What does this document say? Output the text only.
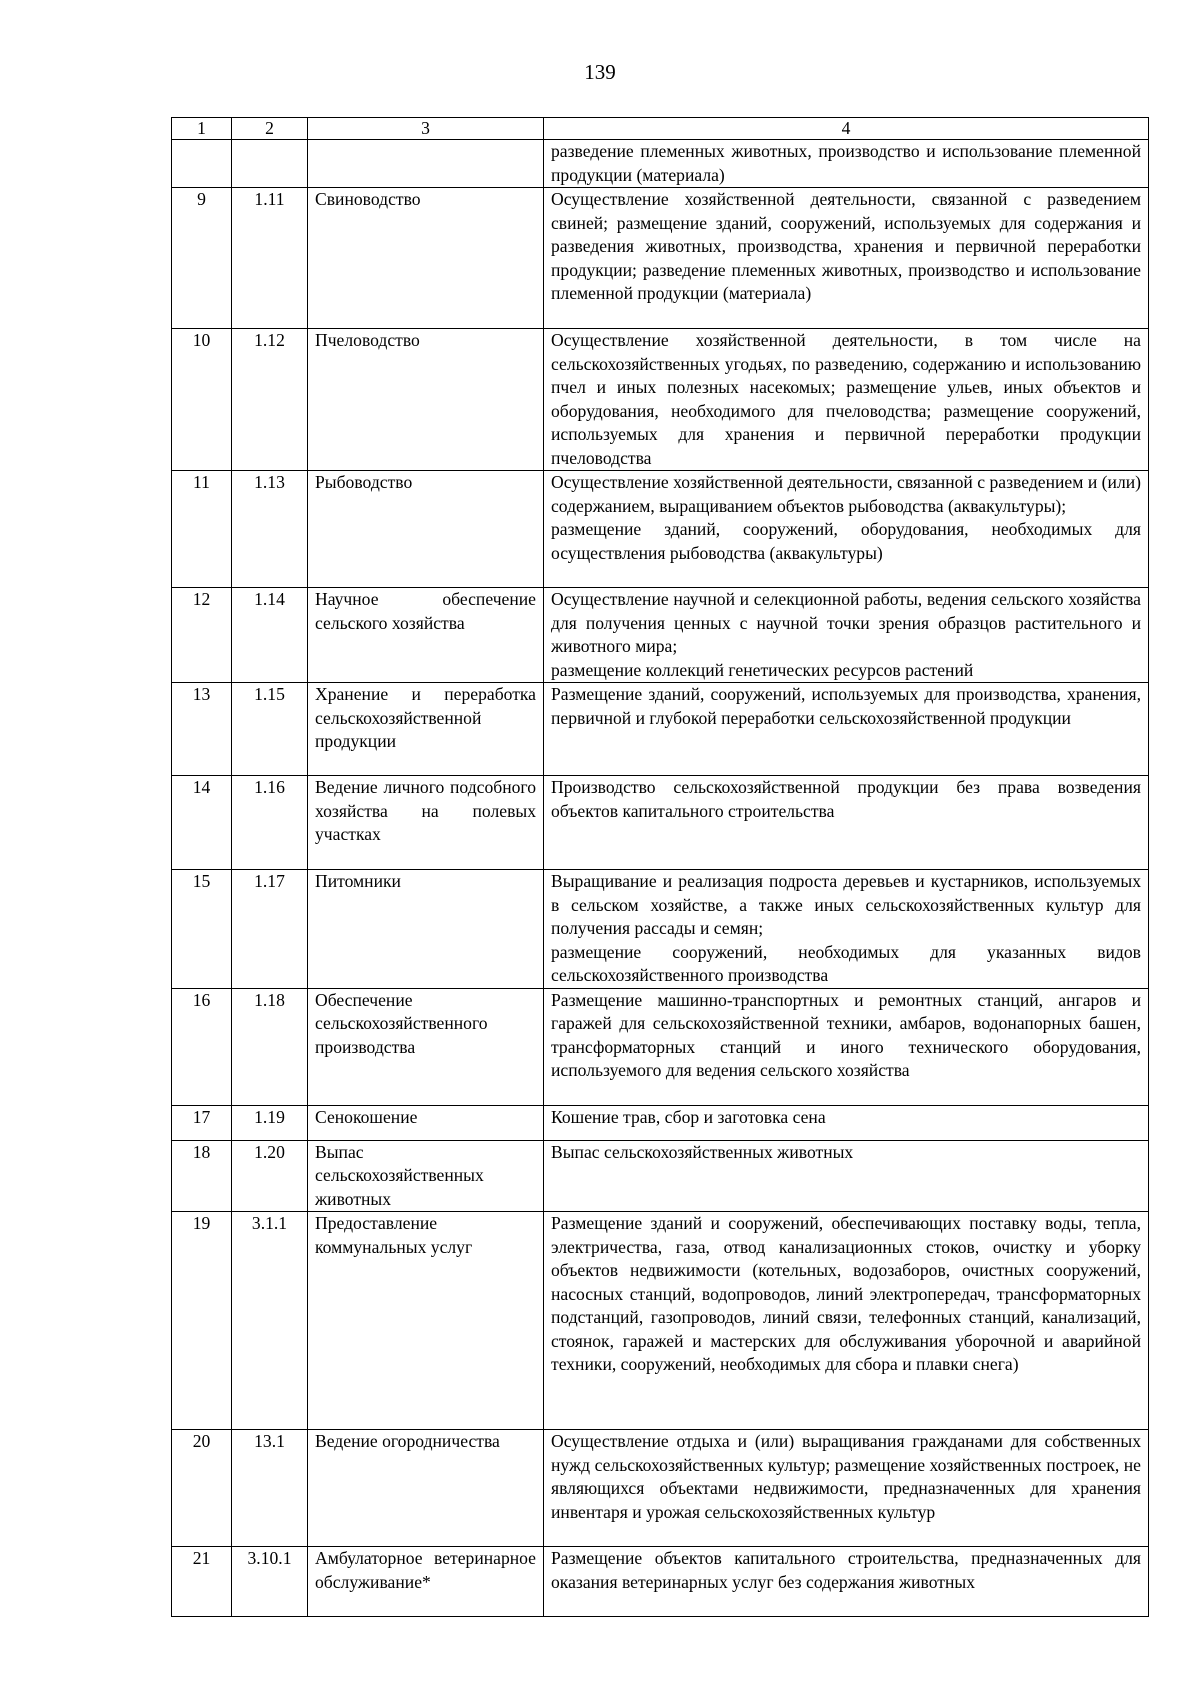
139
1	2	3	4
			разведение племенных животных, производство и использование племенной продукции (материала)
9	1.11	Свиноводство	Осуществление хозяйственной деятельности, связанной с разведением свиней; размещение зданий, сооружений, используемых для содержания и разведения животных, производства, хранения и первичной переработки продукции; разведение племенных животных, производство и использование племенной продукции (материала)
10	1.12	Пчеловодство	Осуществление хозяйственной деятельности, в том числе на сельскохозяйственных угодьях, по разведению, содержанию и использованию пчел и иных полезных насекомых; размещение ульев, иных объектов и оборудования, необходимого для пчеловодства; размещение сооружений, используемых для хранения и первичной переработки продукции пчеловодства
11	1.13	Рыбоводство	Осуществление хозяйственной деятельности, связанной с разведением и (или) содержанием, выращиванием объектов рыбоводства (аквакультуры);
размещение зданий, сооружений, оборудования, необходимых для осуществления рыбоводства (аквакультуры)

12	1.14	Научное обеспечение сельского хозяйства	Осуществление научной и селекционной работы, ведения сельского хозяйства для получения ценных с научной точки зрения образцов растительного и животного мира;
размещение коллекций генетических ресурсов растений

13	1.15	Хранение и переработка сельскохозяйственной продукции	Размещение зданий, сооружений, используемых для производства, хранения, первичной и глубокой переработки сельскохозяйственной продукции
14	1.16	Ведение личного подсобного хозяйства на полевых участках	Производство сельскохозяйственной продукции без права возведения объектов капитального строительства
15	1.17	Питомники	Выращивание и реализация подроста деревьев и кустарников, используемых в сельском хозяйстве, а также иных сельскохозяйственных культур для получения рассады и семян;
размещение сооружений, необходимых для указанных видов сельскохозяйственного производства

16	1.18	Обеспечение сельскохозяйственного производства	Размещение машинно-транспортных и ремонтных станций, ангаров и гаражей для сельскохозяйственной техники, амбаров, водонапорных башен, трансформаторных станций и иного технического оборудования, используемого для ведения сельского хозяйства
17	1.19	Сенокошение	Кошение трав, сбор и заготовка сена
18	1.20	Выпас сельскохозяйственных животных	Выпас сельскохозяйственных животных
19	3.1.1	Предоставление коммунальных услуг	Размещение зданий и сооружений, обеспечивающих поставку воды, тепла, электричества, газа, отвод канализационных стоков, очистку и уборку объектов недвижимости (котельных, водозаборов, очистных сооружений, насосных станций, водопроводов, линий электропередач, трансформаторных подстанций, газопроводов, линий связи, телефонных станций, канализаций, стоянок, гаражей и мастерских для обслуживания уборочной и аварийной техники, сооружений, необходимых для сбора и плавки снега)
20	13.1	Ведение огородничества	Осуществление отдыха и (или) выращивания гражданами для собственных нужд сельскохозяйственных культур; размещение хозяйственных построек, не являющихся объектами недвижимости, предназначенных для хранения инвентаря и урожая сельскохозяйственных культур
21	3.10.1	Амбулаторное ветеринарное обслуживание*	Размещение объектов капитального строительства, предназначенных для оказания ветеринарных услуг без содержания животных
